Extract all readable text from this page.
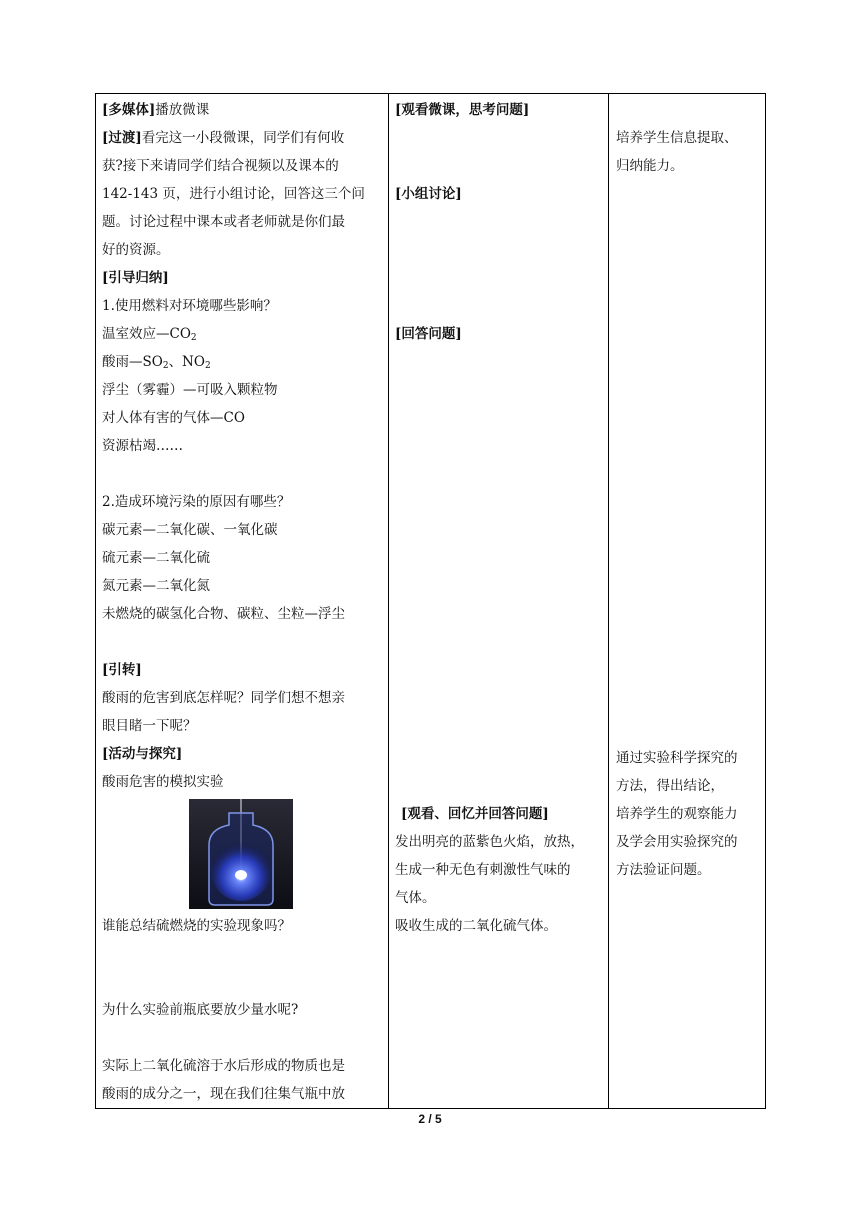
[多媒体]播放微课
[过渡]看完这一小段微课，同学们有何收
获?接下来请同学们结合视频以及课本的
142-143 页，进行小组讨论，回答这三个问
题。讨论过程中课本或者老师就是你们最
好的资源。
[引导归纳]
1.使用燃料对环境哪些影响？
温室效应$—CO_2$
酸雨$—SO_2$、$NO_2$
浮尘（雾霾）—可吸入颗粒物
对人体有害的气体—CO
资源枯竭……
2.造成环境污染的原因有哪些？
碳元素—二氧化碳、一氧化碳
硫元素—二氧化硫
氮元素—二氧化氮
未燃烧的碳氢化合物、碳粒、尘粒—浮尘
[引转]
酸雨的危害到底怎样呢？同学们想不想亲
眼目睹一下呢？
[活动与探究]
酸雨危害的模拟实验
谁能总结硫燃烧的实验现象吗？
为什么实验前瓶底要放少量水呢?
实际上二氧化硫溶于水后形成的物质也是
酸雨的成分之一，现在我们往集气瓶中放
[观看微课，思考问题]
[小组讨论]
[回答问题]
[观看、回忆并回答问题]
发出明亮的蓝紫色火焰，放热，
生成一种无色有刺激性气味的
气体。
吸收生成的二氧化硫气体。
培养学生信息提取、
归纳能力。
通过实验科学探究的
方法，得出结论，
培养学生的观察能力
及学会用实验探究的
方法验证问题。
2 / 5
